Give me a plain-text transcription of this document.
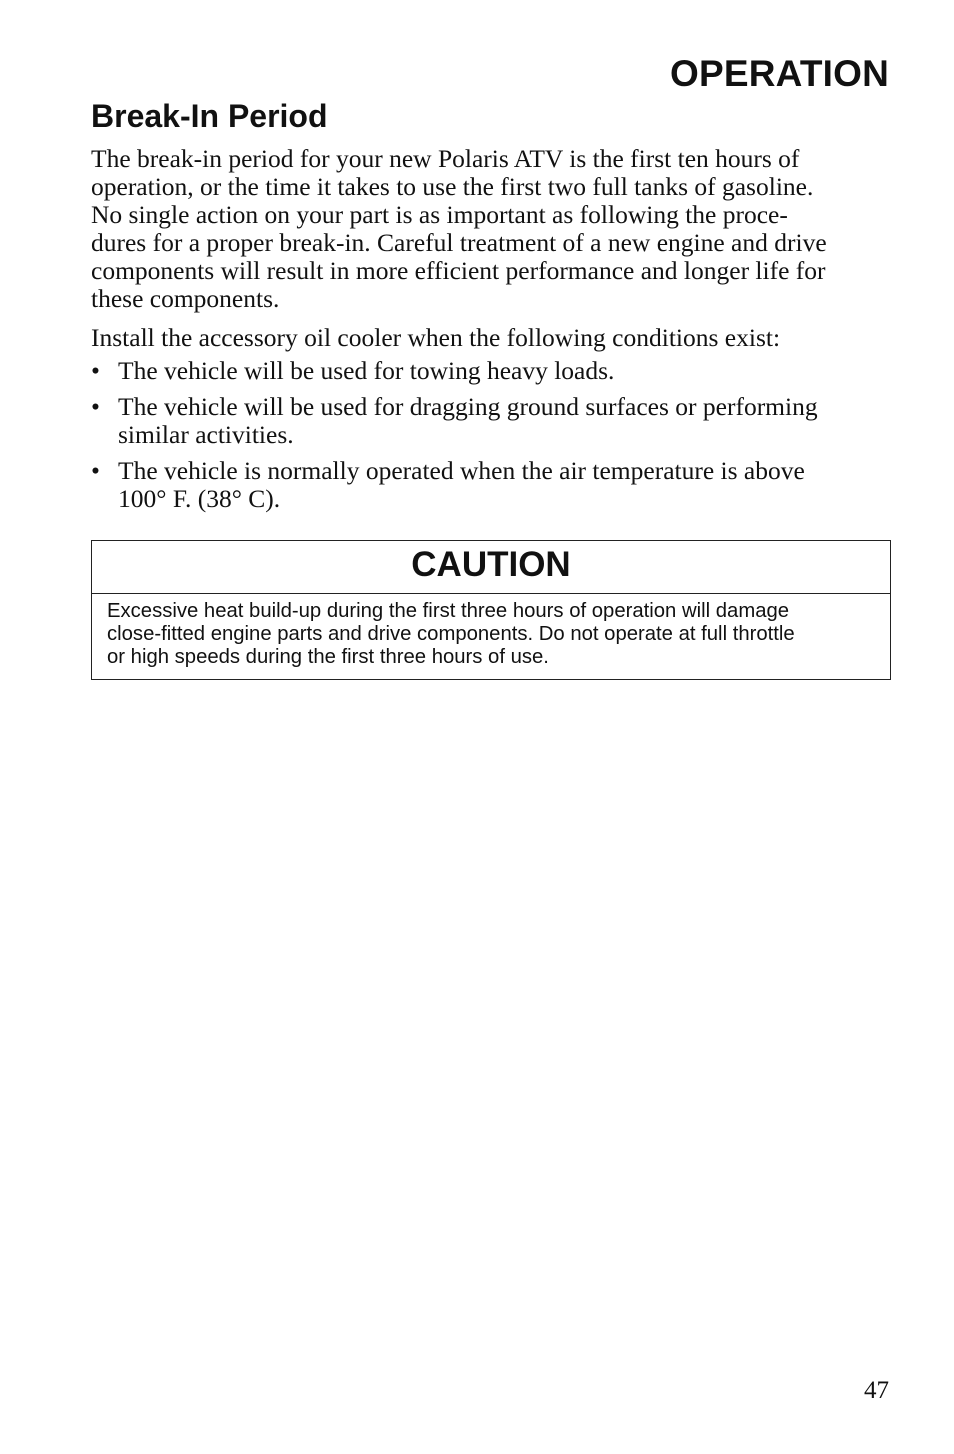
OPERATION
Break-In Period

The break-in period for your new Polaris ATV is the first ten hours of
operation, or the time it takes to use the first two full tanks of gasoline.
No single action on your part is as important as following the proce-
dures for a proper break-in. Careful treatment of a new engine and drive
components will result in more efficient performance and longer life for
these components.

Install the accessory oil cooler when the following conditions exist:

• The vehicle will be used for towing heavy loads.
• The vehicle will be used for dragging ground surfaces or performing
similar activities.
• The vehicle is normally operated when the air temperature is above
100° F. (38° C).
CAUTION

Excessive heat build-up during the first three hours of operation will damage
close-fitted engine parts and drive components. Do not operate at full throttle
or high speeds during the first three hours of use.

47
